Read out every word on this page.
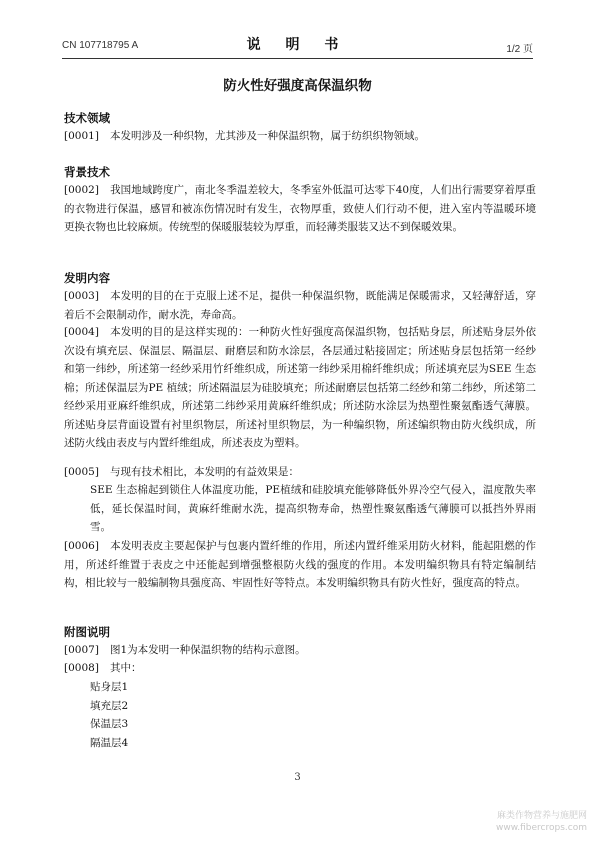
CN 107718795 A	说 明 书	1/2 页
防火性好强度高保温织物
技术领域
[0001] 本发明涉及一种织物，尤其涉及一种保温织物，属于纺织织物领域。
背景技术
[0002] 我国地域跨度广，南北冬季温差较大，冬季室外低温可达零下40度，人们出行需要穿着厚重的衣物进行保温，感冒和被冻伤情况时有发生，衣物厚重，致使人们行动不便，进入室内等温暖环境更换衣物也比较麻烦。传统型的保暖服装较为厚重，而轻薄类服装又达不到保暖效果。
发明内容
[0003] 本发明的目的在于克服上述不足，提供一种保温织物，既能满足保暖需求，又轻薄舒适，穿着后不会限制动作，耐水洗，寿命高。
[0004] 本发明的目的是这样实现的：一种防火性好强度高保温织物，包括贴身层，所述贴身层外依次设有填充层、保温层、隔温层、耐磨层和防水涂层，各层通过粘接固定；所述贴身层包括第一经纱和第一纬纱，所述第一经纱采用竹纤维织成，所述第一纬纱采用棉纤维织成；所述填充层为SEE 生态棉；所述保温层为PE 植绒；所述隔温层为硅胶填充；所述耐磨层包括第二经纱和第二纬纱，所述第二经纱采用亚麻纤维织成，所述第二纬纱采用黄麻纤维织成；所述防水涂层为热塑性聚氨酯透气薄膜。所述贴身层背面设置有衬里织物层，所述衬里织物层，为一种编织物，所述编织物由防火线织成，所述防火线由表皮与内置纤维组成，所述表皮为塑料。
[0005] 与现有技术相比，本发明的有益效果是：
SEE 生态棉起到锁住人体温度功能，PE植绒和硅胶填充能够降低外界冷空气侵入，温度散失率低，延长保温时间，黄麻纤维耐水洗，提高织物寿命，热塑性聚氨酯透气薄膜可以抵挡外界雨雪。
[0006] 本发明表皮主要起保护与包裹内置纤维的作用，所述内置纤维采用防火材料，能起阻燃的作用，所述纤维置于表皮之中还能起到增强整根防火线的强度的作用。本发明编织物具有特定编制结构，相比较与一般编制物具强度高、牢固性好等特点。本发明编织物具有防火性好，强度高的特点。
附图说明
[0007] 图1为本发明一种保温织物的结构示意图。
[0008] 其中：
贴身层1
填充层2
保温层3
隔温层4
3
麻类作物营养与施肥网
www.fibercrops.com
